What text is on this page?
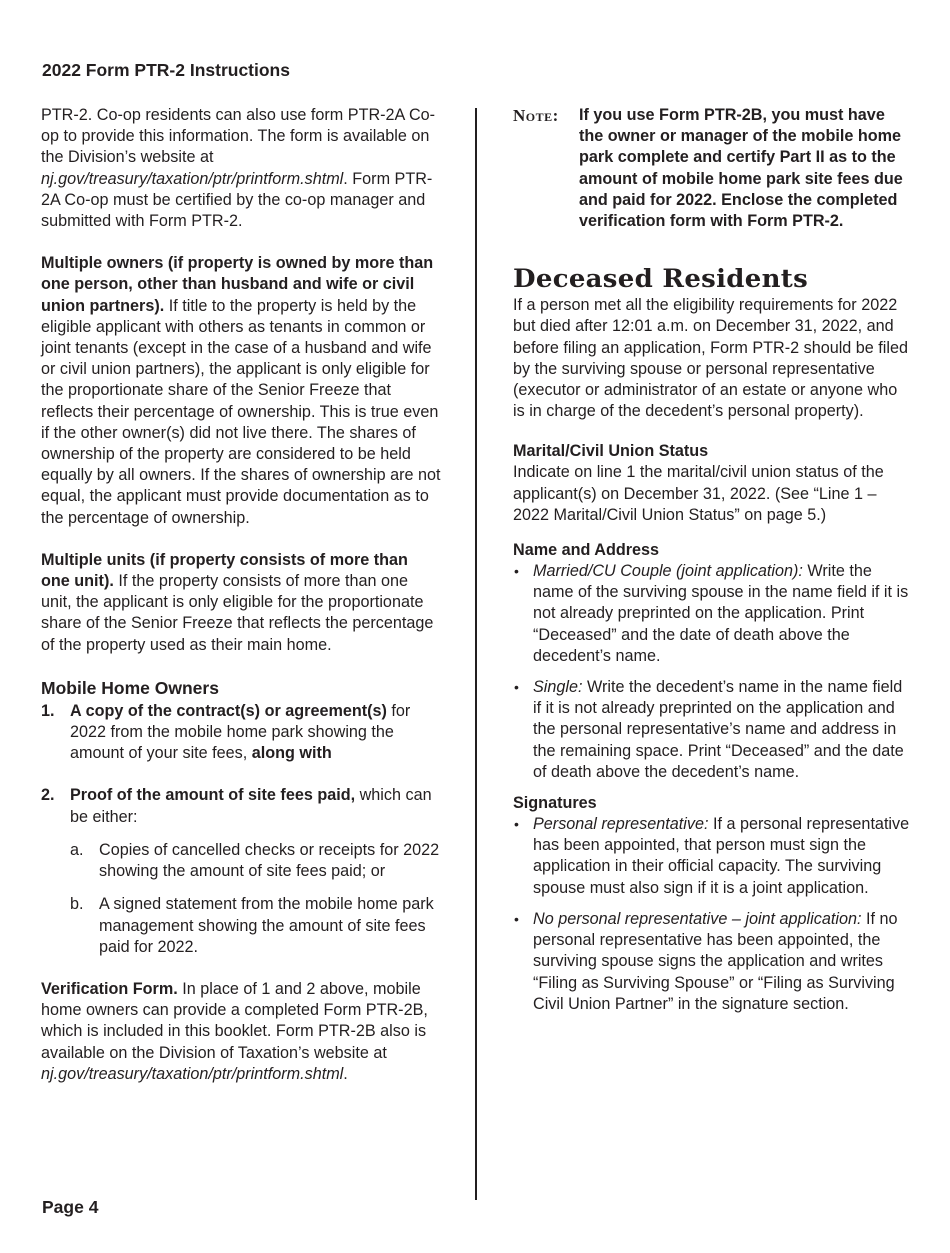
2022 Form PTR-2 Instructions

PTR-2. Co-op residents can also use form PTR-2A Co-op to provide this information. The form is available on the Division’s website at nj.gov/treasury/taxation/ptr/printform.shtml. Form PTR-2A Co-op must be certified by the co-op manager and submitted with Form PTR-2.

Multiple owners (if property is owned by more than one person, other than husband and wife or civil union partners). If title to the property is held by the eligible applicant with others as tenants in common or joint tenants (except in the case of a husband and wife or civil union partners), the applicant is only eligible for the proportionate share of the Senior Freeze that reflects their percentage of ownership. This is true even if the other owner(s) did not live there. The shares of ownership of the property are considered to be held equally by all owners. If the shares of ownership are not equal, the applicant must provide documentation as to the percentage of ownership.

Multiple units (if property consists of more than one unit). If the property consists of more than one unit, the applicant is only eligible for the proportionate share of the Senior Freeze that reflects the percentage of the property used as their main home.

Mobile Home Owners
1. A copy of the contract(s) or agreement(s) for 2022 from the mobile home park showing the amount of your site fees, along with
2. Proof of the amount of site fees paid, which can be either:
a. Copies of cancelled checks or receipts for 2022 showing the amount of site fees paid; or
b. A signed statement from the mobile home park management showing the amount of site fees paid for 2022.

Verification Form. In place of 1 and 2 above, mobile home owners can provide a completed Form PTR-2B, which is included in this booklet. Form PTR-2B also is available on the Division of Taxation’s website at nj.gov/treasury/taxation/ptr/printform.shtml.

Note: If you use Form PTR-2B, you must have the owner or manager of the mobile home park complete and certify Part II as to the amount of mobile home park site fees due and paid for 2022. Enclose the completed verification form with Form PTR-2.
Deceased Residents

If a person met all the eligibility requirements for 2022 but died after 12:01 a.m. on December 31, 2022, and before filing an application, Form PTR-2 should be filed by the surviving spouse or personal representative (executor or administrator of an estate or anyone who is in charge of the decedent’s personal property).

Marital/Civil Union Status

Indicate on line 1 the marital/civil union status of the applicant(s) on December 31, 2022. (See “Line 1 – 2022 Marital/Civil Union Status” on page 5.)

Name and Address
• Married/CU Couple (joint application): Write the name of the surviving spouse in the name field if it is not already preprinted on the application. Print “Deceased” and the date of death above the decedent’s name.
• Single: Write the decedent’s name in the name field if it is not already preprinted on the application and the personal representative’s name and address in the remaining space. Print “Deceased” and the date of death above the decedent’s name.
Signatures
• Personal representative: If a personal representative has been appointed, that person must sign the application in their official capacity. The surviving spouse must also sign if it is a joint application.
• No personal representative – joint application: If no personal representative has been appointed, the surviving spouse signs the application and writes “Filing as Surviving Spouse” or “Filing as Surviving Civil Union Partner” in the signature section.
Page 4
